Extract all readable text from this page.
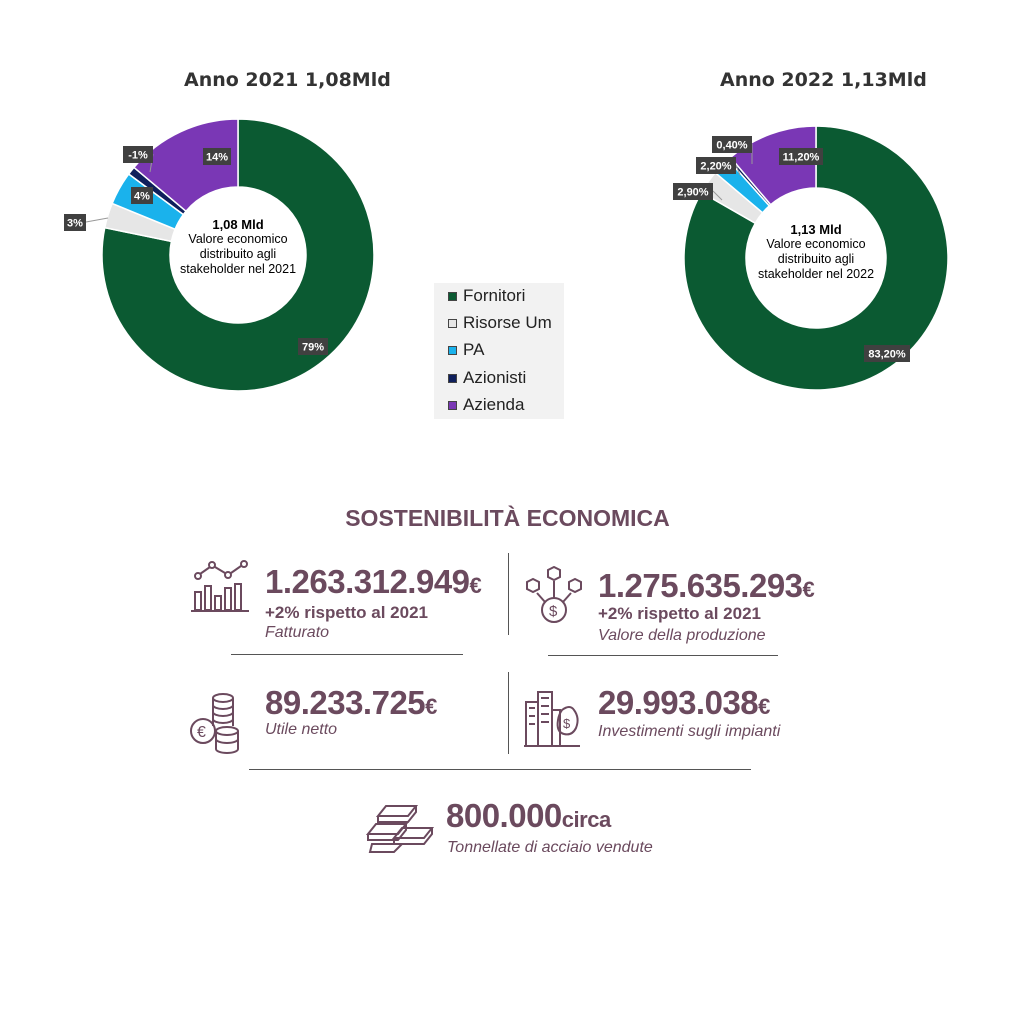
Anno 2021 1,08Mld
79%
3%
4%
-1%	14%
1,08 Mld
Valore economico distribuito agli stakeholder nel 2021
Anno 2022 1,13Mld
83,20%
2,90%
2,20%
0,40%
11,20%
1,13 Mld
Valore economico distribuito agli stakeholder nel 2022
Fornitori
Risorse Um
PA
Azionisti
Azienda
SOSTENIBILITÀ ECONOMICA
1.263.312.949€
+2% rispetto al 2021
Fatturato
$
1.275.635.293€
+2% rispetto al 2021
Valore della produzione
€
89.233.725€
Utile netto	$
29.993.038€
Investimenti sugli impianti
800.000circa
Tonnellate di acciaio vendute
